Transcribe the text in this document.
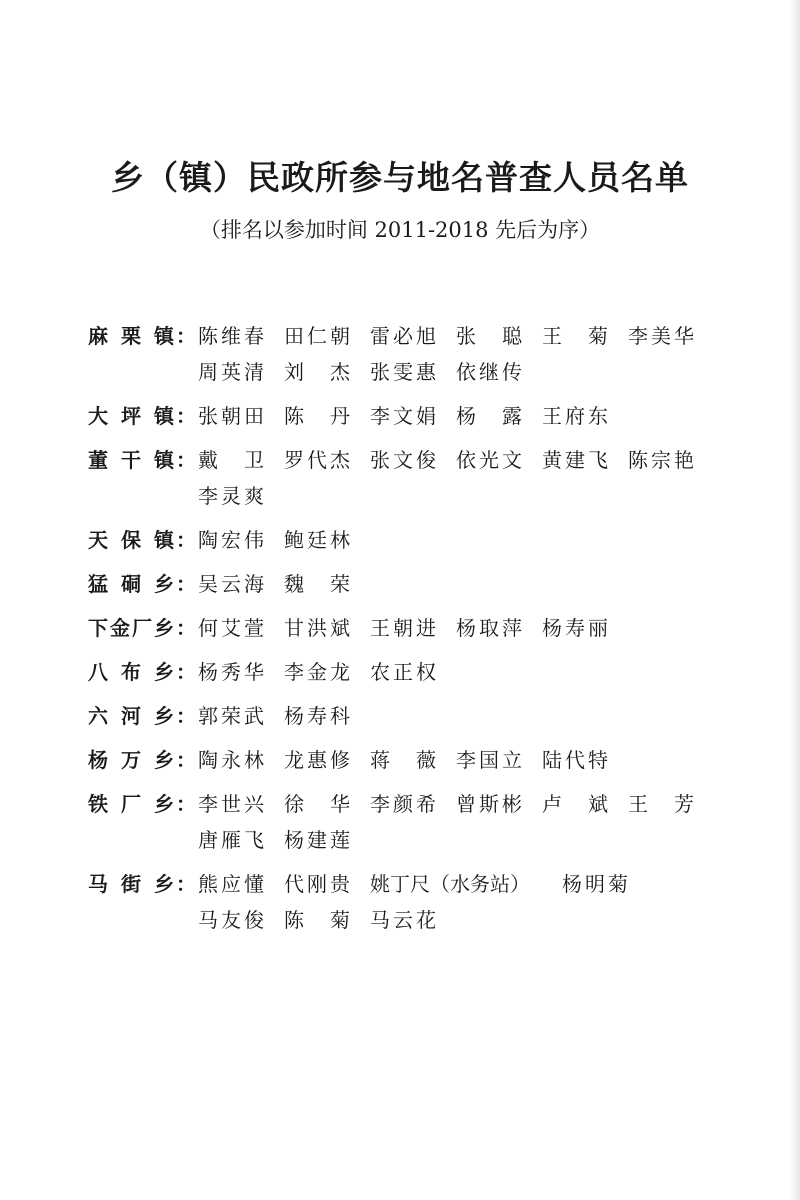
乡（镇）民政所参与地名普查人员名单
（排名以参加时间 2011-2018 先后为序）
麻 栗 镇 ： 陈维春 田仁朝 雷必旭 张　聪 王　菊 李美华
周英清 刘　杰 张雯惠 依继传
大 坪 镇 ： 张朝田 陈　丹 李文娟 杨　露 王府东
董 干 镇 ： 戴　卫 罗代杰 张文俊 依光文 黄建飞 陈宗艳
李灵爽
天 保 镇 ： 陶宏伟 鲍廷林
猛 硐 乡 ： 吴云海 魏　荣
下 金 厂 乡 ： 何艾萱 甘洪斌 王朝进 杨取萍 杨寿丽
八 布 乡 ： 杨秀华 李金龙 农正权
六 河 乡 ： 郭荣武 杨寿科
杨 万 乡 ： 陶永林 龙惠修 蒋　薇 李国立 陆代特
铁 厂 乡 ： 李世兴 徐　华 李颜希 曾斯彬 卢　斌 王　芳
唐雁飞 杨建莲
马 街 乡 ： 熊应懂 代刚贵 姚丁尺（水务站）	杨明菊
马友俊 陈　菊 马云花
